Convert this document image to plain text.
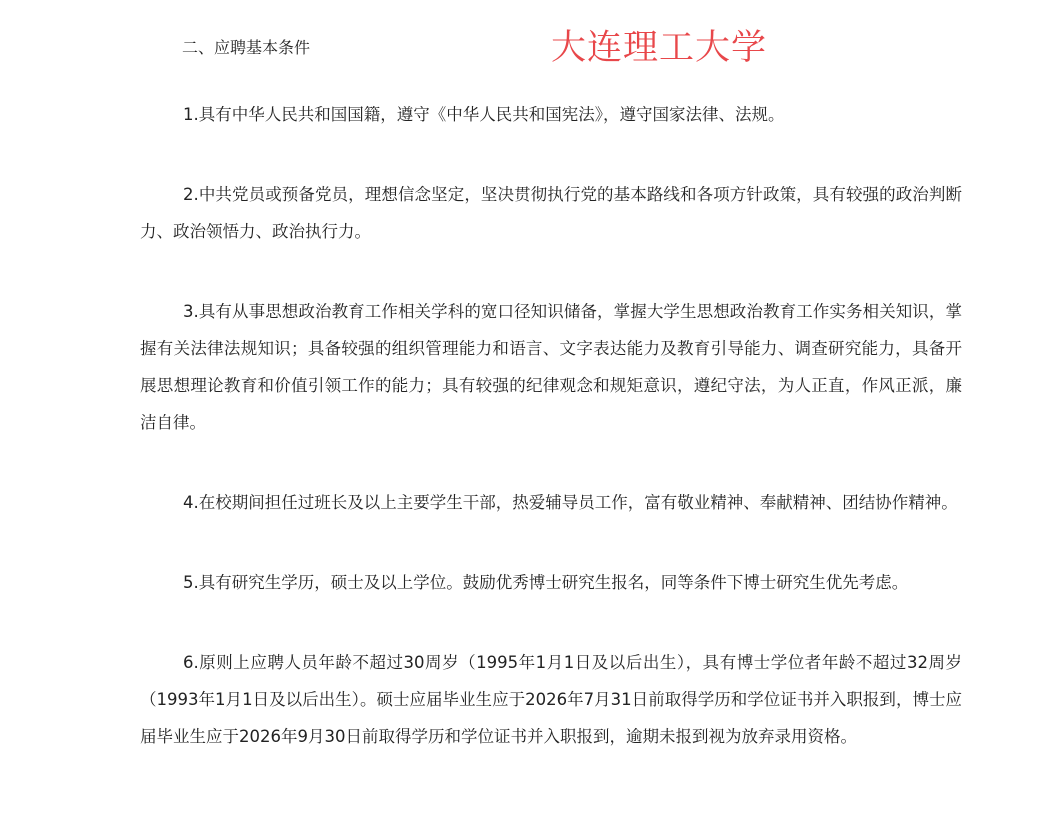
二、应聘基本条件	大连理工大学

1.具有中华人民共和国国籍，遵守《中华人民共和国宪法》，遵守国家法律、法规。

2.中共党员或预备党员，理想信念坚定，坚决贯彻执行党的基本路线和各项方针政策，具有较强的政治判断力、政治领悟力、政治执行力。

3.具有从事思想政治教育工作相关学科的宽口径知识储备，掌握大学生思想政治教育工作实务相关知识，掌握有关法律法规知识；具备较强的组织管理能力和语言、文字表达能力及教育引导能力、调查研究能力，具备开展思想理论教育和价值引领工作的能力；具有较强的纪律观念和规矩意识，遵纪守法，为人正直，作风正派，廉洁自律。

4.在校期间担任过班长及以上主要学生干部，热爱辅导员工作，富有敬业精神、奉献精神、团结协作精神。

5.具有研究生学历，硕士及以上学位。鼓励优秀博士研究生报名，同等条件下博士研究生优先考虑。

6.原则上应聘人员年龄不超过30周岁（1995年1月1日及以后出生），具有博士学位者年龄不超过32周岁（1993年1月1日及以后出生）。硕士应届毕业生应于2026年7月31日前取得学历和学位证书并入职报到，博士应届毕业生应于2026年9月30日前取得学历和学位证书并入职报到，逾期未报到视为放弃录用资格。
